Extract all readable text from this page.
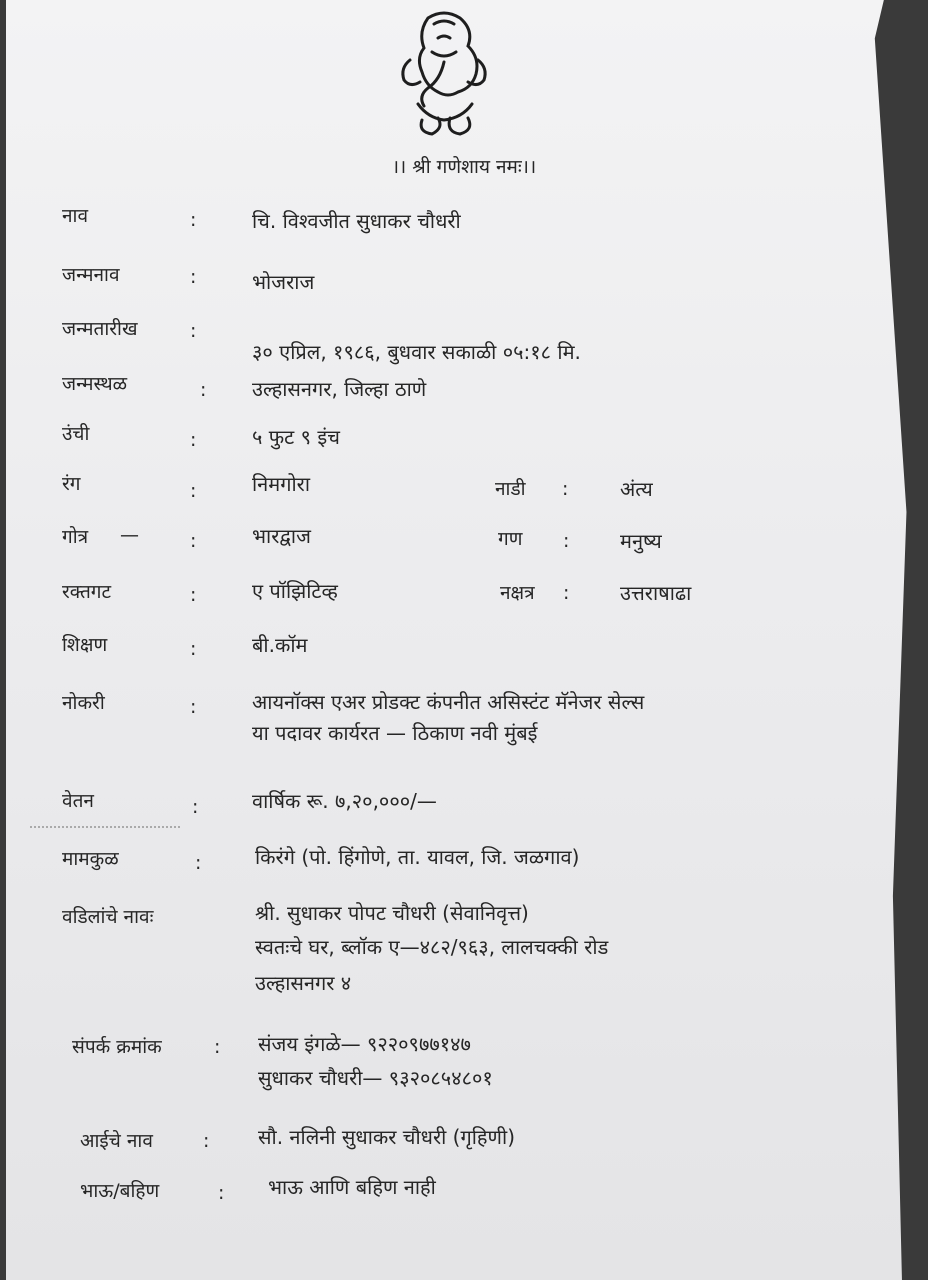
।। श्री गणेशाय नमः।।
नाव	:	चि. विश्वजीत सुधाकर चौधरी
जन्मनाव	:	भोजराज
जन्मतारीख	:
३० एप्रिल, १९८६, बुधवार सकाळी ०५:१८ मि.
जन्मस्थळ	: उल्हासनगर, जिल्हा ठाणे
उंची	:	५ फुट ९ इंच
रंग	:	निमगोरा	नाडी :	अंत्य
गोत्र —	:	भारद्वाज	गण :	मनुष्य
रक्तगट	:	ए पॉझिटिव्ह	नक्षत्र :	उत्तराषाढा
शिक्षण	:	बी.कॉम
नोकरी	:	आयनॉक्स एअर प्रोडक्ट कंपनीत असिस्टंट मॅनेजर सेल्स
या पदावर कार्यरत — ठिकाण नवी मुंबई
वेतन	:	वार्षिक रू. ७,२०,०००/—
मामकुळ	:	किरंगे (पो. हिंगोणे, ता. यावल, जि. जळगाव)
वडिलांचे नावः	श्री. सुधाकर पोपट चौधरी (सेवानिवृत्त)
स्वतःचे घर, ब्लॉक ए—४८२/९६३, लालचक्की रोड
उल्हासनगर ४
संपर्क क्रमांक	: संजय इंगळे— ९२२०९७७१४७
सुधाकर चौधरी— ९३२०८५४८०१
आईचे नाव	: सौ. नलिनी सुधाकर चौधरी (गृहिणी)
भाऊ/बहिण	: भाऊ आणि बहिण नाही
